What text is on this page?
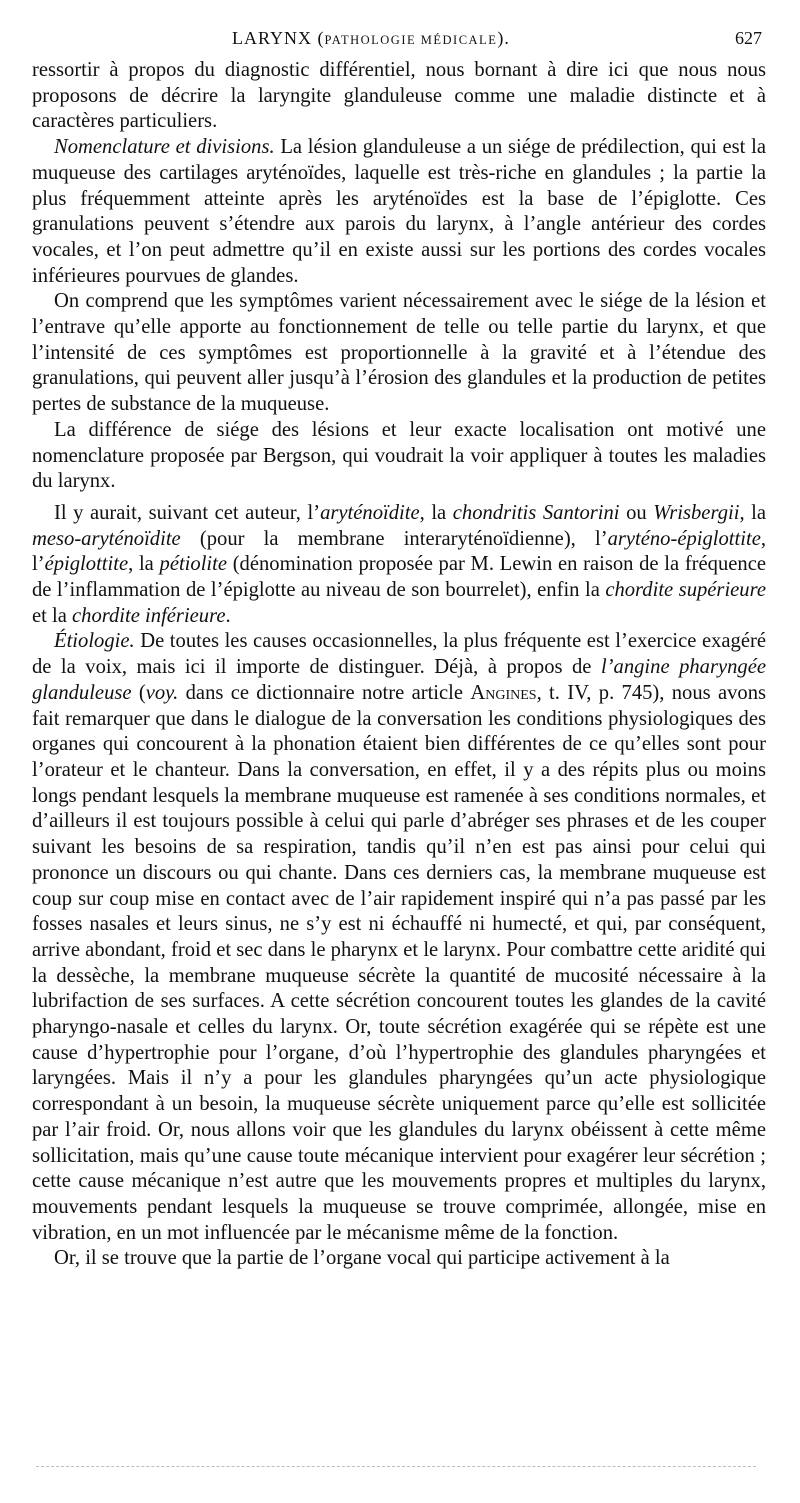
LARYNX (PATHOLOGIE MÉDICALE).	627

ressortir à propos du diagnostic différentiel, nous bornant à dire ici que nous nous proposons de décrire la laryngite glanduleuse comme une maladie distincte et à caractères particuliers.

Nomenclature et divisions. La lésion glanduleuse a un siége de prédilection, qui est la muqueuse des cartilages aryténoïdes, laquelle est très-riche en glandules ; la partie la plus fréquemment atteinte après les aryténoïdes est la base de l’épiglotte. Ces granulations peuvent s’étendre aux parois du larynx, à l’angle antérieur des cordes vocales, et l’on peut admettre qu’il en existe aussi sur les portions des cordes vocales inférieures pourvues de glandes.

On comprend que les symptômes varient nécessairement avec le siége de la lésion et l’entrave qu’elle apporte au fonctionnement de telle ou telle partie du larynx, et que l’intensité de ces symptômes est proportionnelle à la gravité et à l’étendue des granulations, qui peuvent aller jusqu’à l’érosion des glandules et la production de petites pertes de substance de la muqueuse.

La différence de siége des lésions et leur exacte localisation ont motivé une nomenclature proposée par Bergson, qui voudrait la voir appliquer à toutes les maladies du larynx.

Il y aurait, suivant cet auteur, l’aryténoïdite, la chondritis Santorini ou Wrisbergii, la meso-aryténoïdite (pour la membrane interaryténoïdienne), l’aryténo-épiglottite, l’épiglottite, la pétiolite (dénomination proposée par M. Lewin en raison de la fréquence de l’inflammation de l’épiglotte au niveau de son bourrelet), enfin la chordite supérieure et la chordite inférieure.

Étiologie. De toutes les causes occasionnelles, la plus fréquente est l’exercice exagéré de la voix, mais ici il importe de distinguer. Déjà, à propos de l’angine pharyngée glanduleuse (voy. dans ce dictionnaire notre article Angines, t. IV, p. 745), nous avons fait remarquer que dans le dialogue de la conversation les conditions physiologiques des organes qui concourent à la phonation étaient bien différentes de ce qu’elles sont pour l’orateur et le chanteur. Dans la conversation, en effet, il y a des répits plus ou moins longs pendant lesquels la membrane muqueuse est ramenée à ses conditions normales, et d’ailleurs il est toujours possible à celui qui parle d’abréger ses phrases et de les couper suivant les besoins de sa respiration, tandis qu’il n’en est pas ainsi pour celui qui prononce un discours ou qui chante. Dans ces derniers cas, la membrane muqueuse est coup sur coup mise en contact avec de l’air rapidement inspiré qui n’a pas passé par les fosses nasales et leurs sinus, ne s’y est ni échauffé ni humecté, et qui, par conséquent, arrive abondant, froid et sec dans le pharynx et le larynx. Pour combattre cette aridité qui la dessèche, la membrane muqueuse sécrète la quantité de mucosité nécessaire à la lubrifaction de ses surfaces. A cette sécrétion concourent toutes les glandes de la cavité pharyngo-nasale et celles du larynx. Or, toute sécrétion exagérée qui se répète est une cause d’hypertrophie pour l’organe, d’où l’hypertrophie des glandules pharyngées et laryngées. Mais il n’y a pour les glandules pharyngées qu’un acte physiologique correspondant à un besoin, la muqueuse sécrète uniquement parce qu’elle est sollicitée par l’air froid. Or, nous allons voir que les glandules du larynx obéissent à cette même sollicitation, mais qu’une cause toute mécanique intervient pour exagérer leur sécrétion ; cette cause mécanique n’est autre que les mouvements propres et multiples du larynx, mouvements pendant lesquels la muqueuse se trouve comprimée, allongée, mise en vibration, en un mot influencée par le mécanisme même de la fonction.

Or, il se trouve que la partie de l’organe vocal qui participe activement à la
